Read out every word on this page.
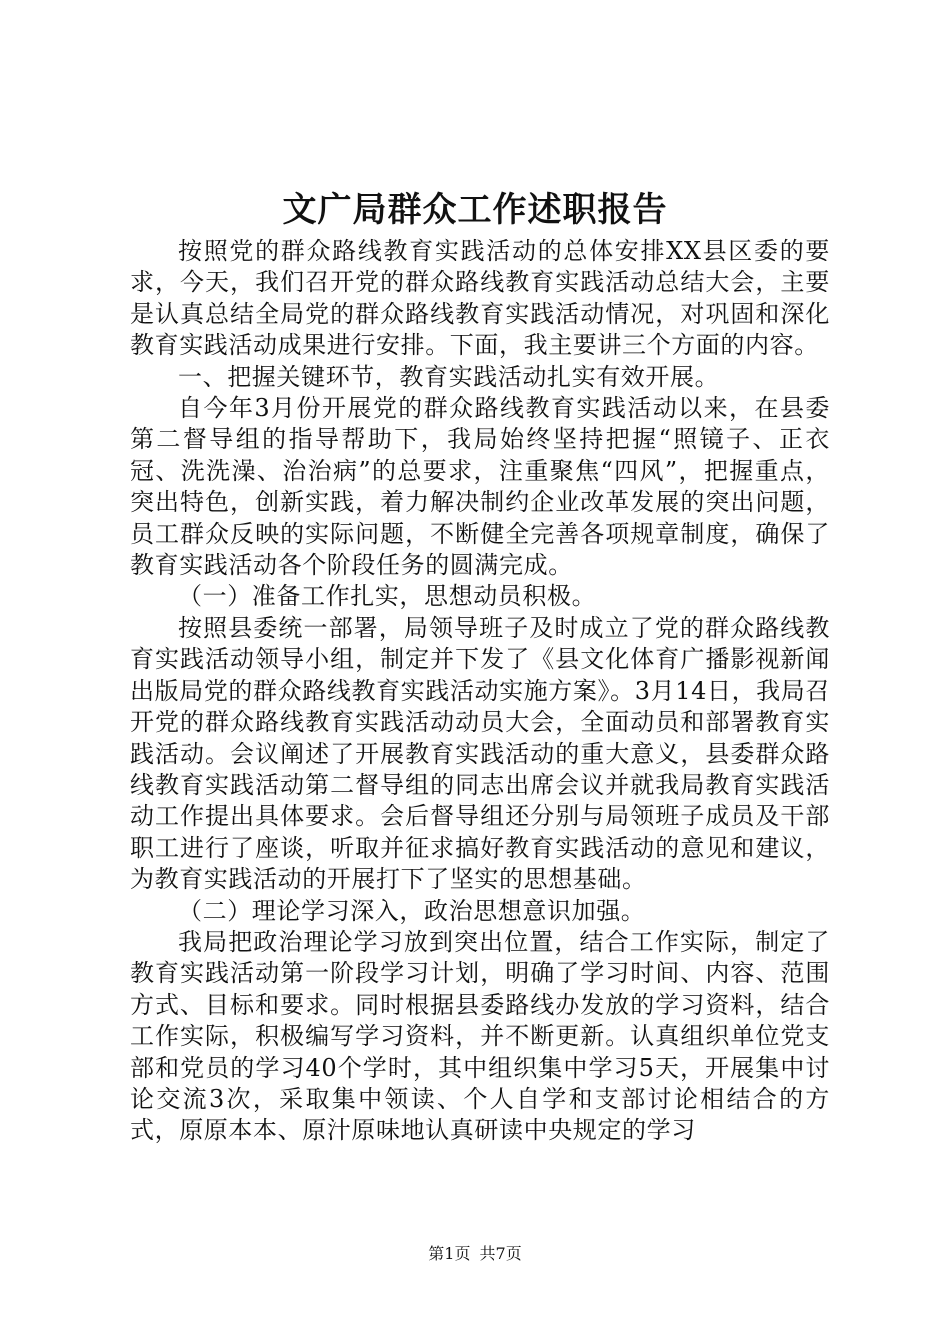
文广局群众工作述职报告

按照党的群众路线教育实践活动的总体安排XX县区委的要求，今天，我们召开党的群众路线教育实践活动总结大会，主要是认真总结全局党的群众路线教育实践活动情况，对巩固和深化教育实践活动成果进行安排。下面，我主要讲三个方面的内容。

一、把握关键环节，教育实践活动扎实有效开展。

自今年3月份开展党的群众路线教育实践活动以来，在县委第二督导组的指导帮助下，我局始终坚持把握“照镜子、正衣冠、洗洗澡、治治病”的总要求，注重聚焦“四风”，把握重点，突出特色，创新实践，着力解决制约企业改革发展的突出问题，员工群众反映的实际问题，不断健全完善各项规章制度，确保了教育实践活动各个阶段任务的圆满完成。

（一）准备工作扎实，思想动员积极。

按照县委统一部署，局领导班子及时成立了党的群众路线教育实践活动领导小组，制定并下发了《县文化体育广播影视新闻出版局党的群众路线教育实践活动实施方案》。3月14日，我局召开党的群众路线教育实践活动动员大会，全面动员和部署教育实践活动。会议阐述了开展教育实践活动的重大意义，县委群众路线教育实践活动第二督导组的同志出席会议并就我局教育实践活动工作提出具体要求。会后督导组还分别与局领班子成员及干部职工进行了座谈，听取并征求搞好教育实践活动的意见和建议，为教育实践活动的开展打下了坚实的思想基础。

（二）理论学习深入，政治思想意识加强。

我局把政治理论学习放到突出位置，结合工作实际，制定了教育实践活动第一阶段学习计划，明确了学习时间、内容、范围方式、目标和要求。同时根据县委路线办发放的学习资料，结合工作实际，积极编写学习资料，并不断更新。认真组织单位党支部和党员的学习40个学时，其中组织集中学习5天，开展集中讨论交流3次，采取集中领读、个人自学和支部讨论相结合的方式，原原本本、原汁原味地认真研读中央规定的学习

第1页 共7页
